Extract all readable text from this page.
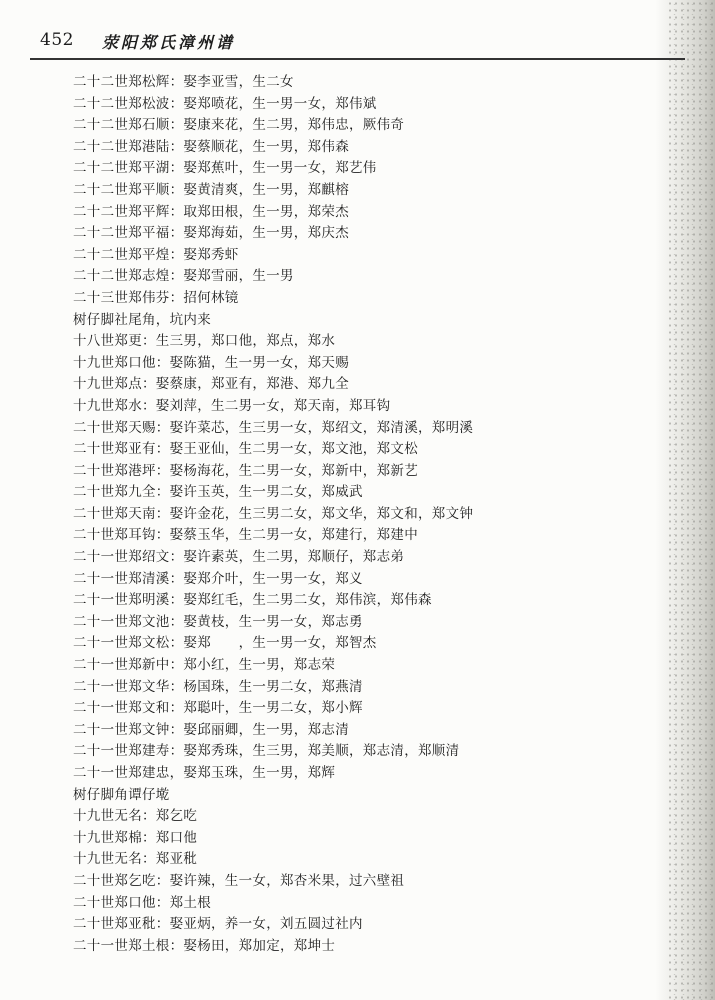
452 荥阳郑氏漳州谱
二十二世郑松辉：娶李亚雪，生二女
二十二世郑松波：娶郑喷花，生一男一女，郑伟斌
二十二世郑石顺：娶康来花，生二男，郑伟忠，厥伟奇
二十二世郑港陆：娶蔡顺花，生一男，郑伟森
二十二世郑平湖：娶郑蕉叶，生一男一女，郑艺伟
二十二世郑平顺：娶黄清爽，生一男，郑麒榕
二十二世郑平辉：取郑田根，生一男，郑荣杰
二十二世郑平福：娶郑海茹，生一男，郑庆杰
二十二世郑平煌：娶郑秀虾
二十二世郑志煌：娶郑雪丽，生一男
二十三世郑伟芬：招何林镜
树仔脚社尾角，坑内来
十八世郑更：生三男，郑口他，郑点，郑水
十九世郑口他：娶陈猫，生一男一女，郑天赐
十九世郑点：娶蔡康，郑亚有，郑港、郑九全
十九世郑水：娶刘萍，生二男一女，郑天南，郑耳钩
二十世郑天赐：娶许菜芯，生三男一女，郑绍文，郑清溪，郑明溪
二十世郑亚有：娶王亚仙，生二男一女，郑文池，郑文松
二十世郑港坪：娶杨海花，生二男一女，郑新中，郑新艺
二十世郑九全：娶许玉英，生一男二女，郑威武
二十世郑天南：娶许金花，生三男二女，郑文华，郑文和，郑文钟
二十世郑耳钩：娶蔡玉华，生二男一女，郑建行，郑建中
二十一世郑绍文：娶许素英，生二男，郑顺仔，郑志弟
二十一世郑清溪：娶郑介叶，生一男一女，郑义
二十一世郑明溪：娶郑红毛，生二男二女，郑伟滨，郑伟森
二十一世郑文池：娶黄枝，生一男一女，郑志勇
二十一世郑文松：娶郑　　，生一男一女，郑智杰
二十一世郑新中：郑小红，生一男，郑志荣
二十一世郑文华：杨国珠，生一男二女，郑燕清
二十一世郑文和：郑聪叶，生一男二女，郑小辉
二十一世郑文钟：娶邱丽卿，生一男，郑志清
二十一世郑建寿：娶郑秀珠，生三男，郑美顺，郑志清，郑顺清
二十一世郑建忠，娶郑玉珠，生一男，郑辉
树仔脚角谭仔墘
十九世无名：郑乞吃
十九世郑棉：郑口他
十九世无名：郑亚秕
二十世郑乞吃：娶许辣，生一女，郑杏米果，过六壁祖
二十世郑口他：郑土根
二十世郑亚秕：娶亚炳，养一女，刘五圆过社内
二十一世郑土根：娶杨田，郑加定，郑坤士
